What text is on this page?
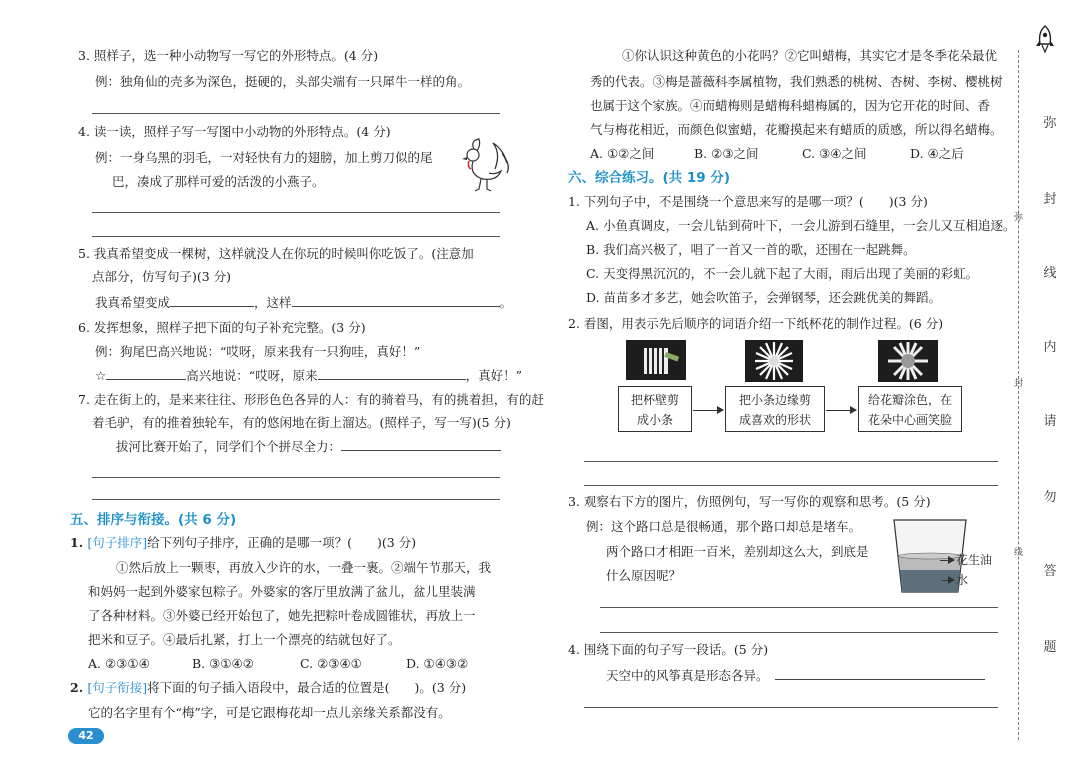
3. 照样子，选一种小动物写一写它的外形特点。(4 分)
例：独角仙的壳多为深色，挺硬的，头部尖端有一只犀牛一样的角。
4. 读一读，照样子写一写图中小动物的外形特点。(4 分)
例：一身乌黑的羽毛，一对轻快有力的翅膀，加上剪刀似的尾
巴，凑成了那样可爱的活泼的小燕子。
5. 我真希望变成一棵树，这样就没人在你玩的时候叫你吃饭了。(注意加
点部分，仿写句子)(3 分)
我真希望变成	，这样	。
6. 发挥想象，照样子把下面的句子补充完整。(3 分)
例：狗尾巴高兴地说：“哎呀，原来我有一只狗哇，真好！”
☆	高兴地说：“哎呀，原来	，真好！”
7. 走在街上的，是来来往往、形形色色各异的人：有的骑着马，有的挑着担，有的赶
着毛驴，有的推着独轮车，有的悠闲地在街上溜达。(照样子，写一写)(5 分)
拔河比赛开始了，同学们个个拼尽全力：
五、排序与衔接。(共 6 分)
1. [句子排序]给下列句子排序，正确的是哪一项？(　　)(3 分)
①然后放上一颗枣，再放入少许的水，一叠一裹。②端午节那天，我
和妈妈一起到外婆家包粽子。外婆家的客厅里放满了盆儿，盆儿里装满
了各种材料。③外婆已经开始包了，她先把粽叶卷成圆锥状，再放上一
把米和豆子。④最后扎紧，打上一个漂亮的结就包好了。
A. ②③①④	B. ③①④②	C. ②③④①	D. ①④③②
2. [句子衔接]将下面的句子插入语段中，最合适的位置是(　　)。(3 分)
它的名字里有个“梅”字，可是它跟梅花却一点儿亲缘关系都没有。
42
①你认识这种黄色的小花吗？②它叫蜡梅，其实它才是冬季花朵最优
秀的代表。③梅是蔷薇科李属植物，我们熟悉的桃树、杏树、李树、樱桃树
也属于这个家族。④而蜡梅则是蜡梅科蜡梅属的，因为它开花的时间、香
气与梅花相近，而颜色似蜜蜡，花瓣摸起来有蜡质的质感，所以得名蜡梅。
A. ①②之间	B. ②③之间	C. ③④之间	D. ④之后
六、综合练习。(共 19 分)
1. 下列句子中，不是围绕一个意思来写的是哪一项？(　　)(3 分)
A. 小鱼真调皮，一会儿钻到荷叶下，一会儿游到石缝里，一会儿又互相追逐。
B. 我们高兴极了，唱了一首又一首的歌，还围在一起跳舞。
C. 天变得黑沉沉的，不一会儿就下起了大雨，雨后出现了美丽的彩虹。
D. 苗苗多才多艺，她会吹笛子，会弹钢琴，还会跳优美的舞蹈。
2. 看图，用表示先后顺序的词语介绍一下纸杯花的制作过程。(6 分)
把杯壁剪
成小条
把小条边缘剪
成喜欢的形状
给花瓣涂色，在
花朵中心画笑脸
3. 观察右下方的图片，仿照例句，写一写你的观察和思考。(5 分)
例：这个路口总是很畅通，那个路口却总是堵车。
两个路口才相距一百米，差别却这么大，到底是
什么原因呢？
花生油
水
4. 围绕下面的句子写一段话。(5 分)
天空中的风筝真是形态各异。
弥
封
线
内
请
勿
答
题
弥
封
线
